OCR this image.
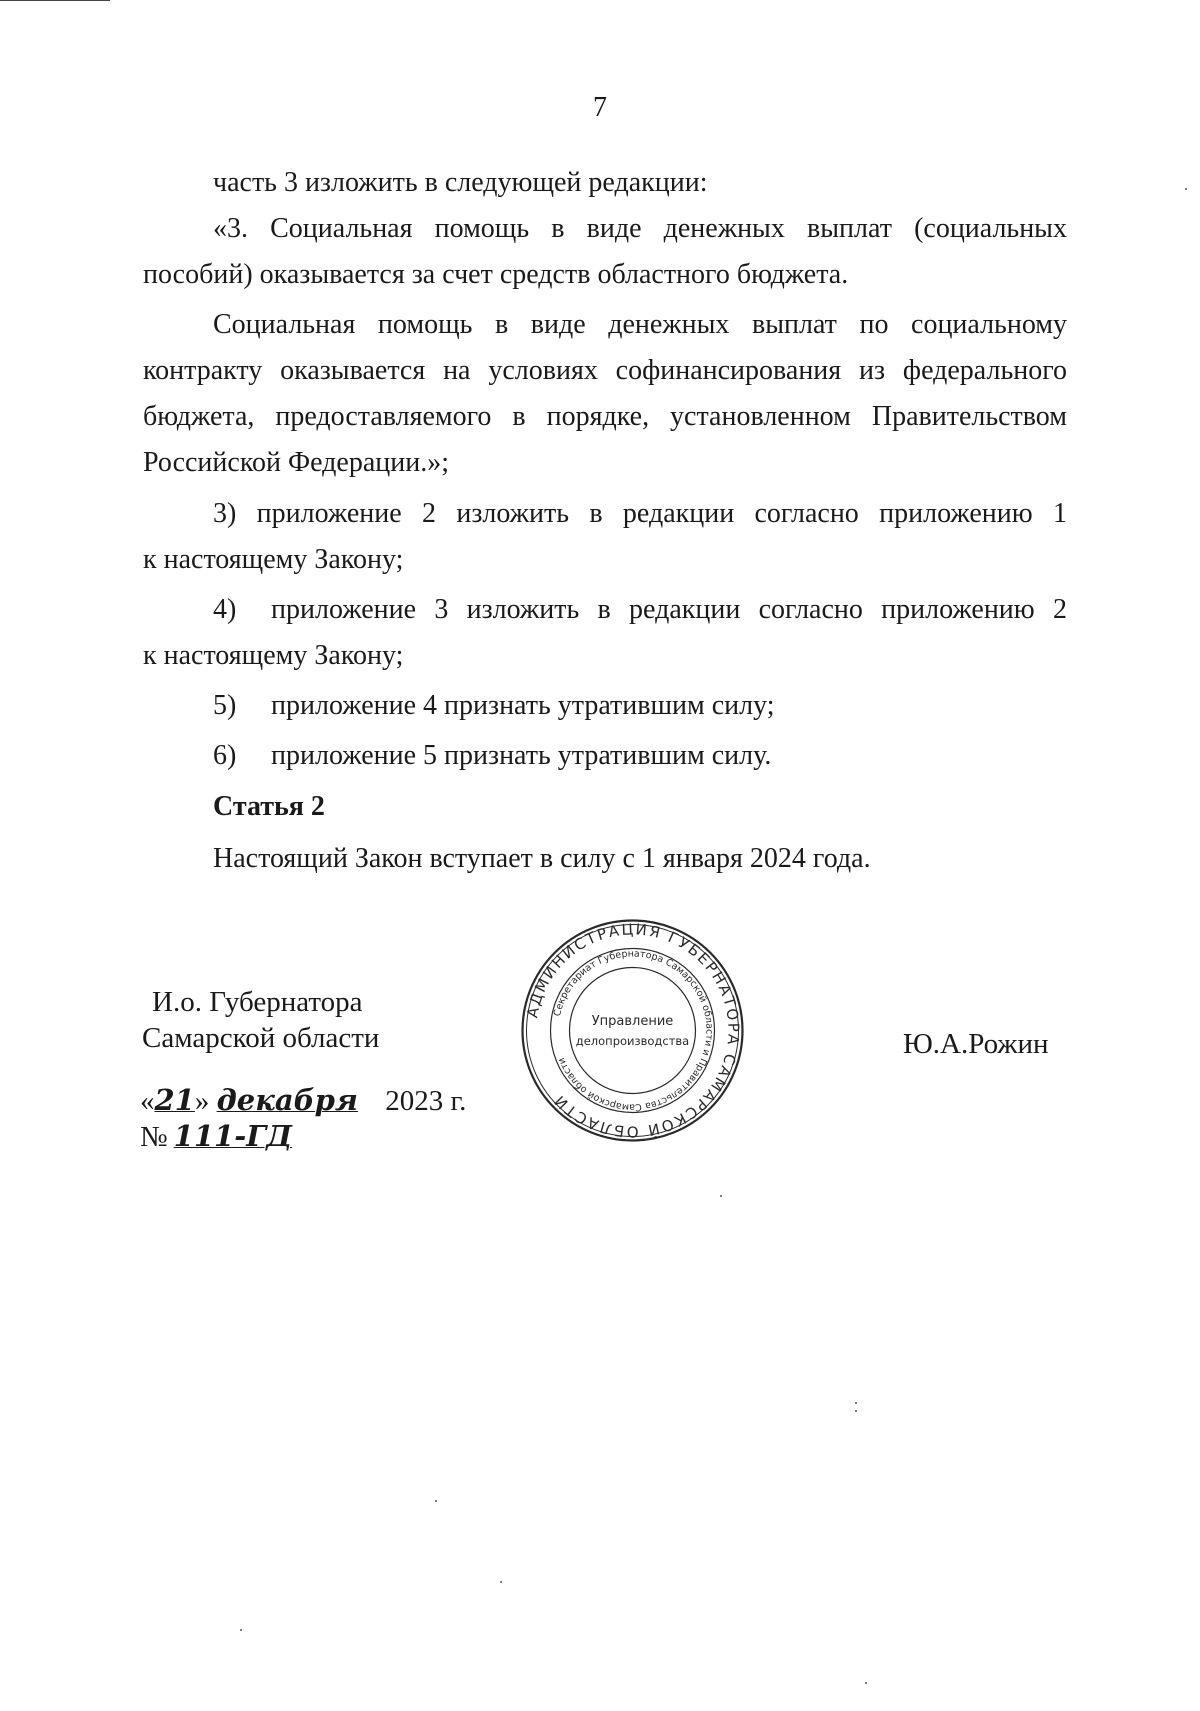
7

часть 3 изложить в следующей редакции:

«3. Социальная помощь в виде денежных выплат (социальных

пособий) оказывается за счет средств областного бюджета.

Социальная помощь в виде денежных выплат по социальному

контракту оказывается на условиях софинансирования из федерального

бюджета, предоставляемого в порядке, установленном Правительством

Российской Федерации.»;

3) приложение 2 изложить в редакции согласно приложению 1

к настоящему Закону;

4) приложение 3 изложить в редакции согласно приложению 2

к настоящему Закону;

5) приложение 4 признать утратившим силу;

6) приложение 5 признать утратившим силу.

Статья 2

Настоящий Закон вступает в силу с 1 января 2024 года.

И.о. Губернатора
Самарской области	Ю.А.Рожин
«21» декабря 2023 г.
№ 111-ГД
АДМИНИСТРАЦИЯ ГУБЕРНАТОРА САМАРСКОЙ ОБЛАСТИ
Секретариат Губернатора Самарской области и Правительства Самарской области
Управление
делопроизводства
